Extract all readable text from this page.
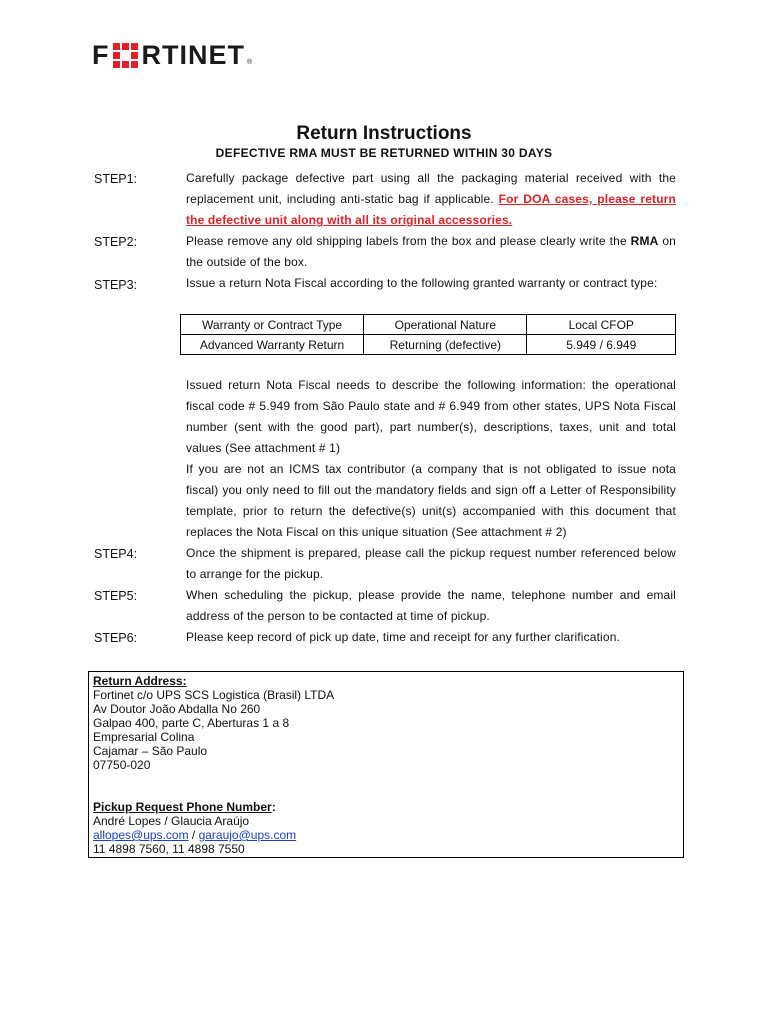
F RTINET ®
Return Instructions
DEFECTIVE RMA MUST BE RETURNED WITHIN 30 DAYS
STEP1:	Carefully package defective part using all the packaging material received with the replacement unit, including anti-static bag if applicable. For DOA cases, please return the defective unit along with all its original accessories.
STEP2:	Please remove any old shipping labels from the box and please clearly write the RMA on the outside of the box.
STEP3:	Issue a return Nota Fiscal according to the following granted warranty or contract type:
Warranty or Contract Type	Operational Nature	Local CFOP
Advanced Warranty Return	Returning (defective)	5.949 / 6.949
Issued return Nota Fiscal needs to describe the following information: the operational fiscal code # 5.949 from São Paulo state and # 6.949 from other states, UPS Nota Fiscal number (sent with the good part), part number(s), descriptions, taxes, unit and total values (See attachment # 1)
If you are not an ICMS tax contributor (a company that is not obligated to issue nota fiscal) you only need to fill out the mandatory fields and sign off a Letter of Responsibility template, prior to return the defective(s) unit(s) accompanied with this document that replaces the Nota Fiscal on this unique situation (See attachment # 2)
STEP4:	Once the shipment is prepared, please call the pickup request number referenced below to arrange for the pickup.
STEP5:	When scheduling the pickup, please provide the name, telephone number and email address of the person to be contacted at time of pickup.
STEP6:	Please keep record of pick up date, time and receipt for any further clarification.
Return Address:
Fortinet c/o UPS SCS Logistica (Brasil) LTDA
Av Doutor João Abdalla No 260
Galpao 400, parte C, Aberturas 1 a 8
Empresarial Colina
Cajamar – São Paulo
07750-020
Pickup Request Phone Number:
André Lopes / Glaucia Araújo
allopes@ups.com / garaujo@ups.com
11 4898 7560, 11 4898 7550
